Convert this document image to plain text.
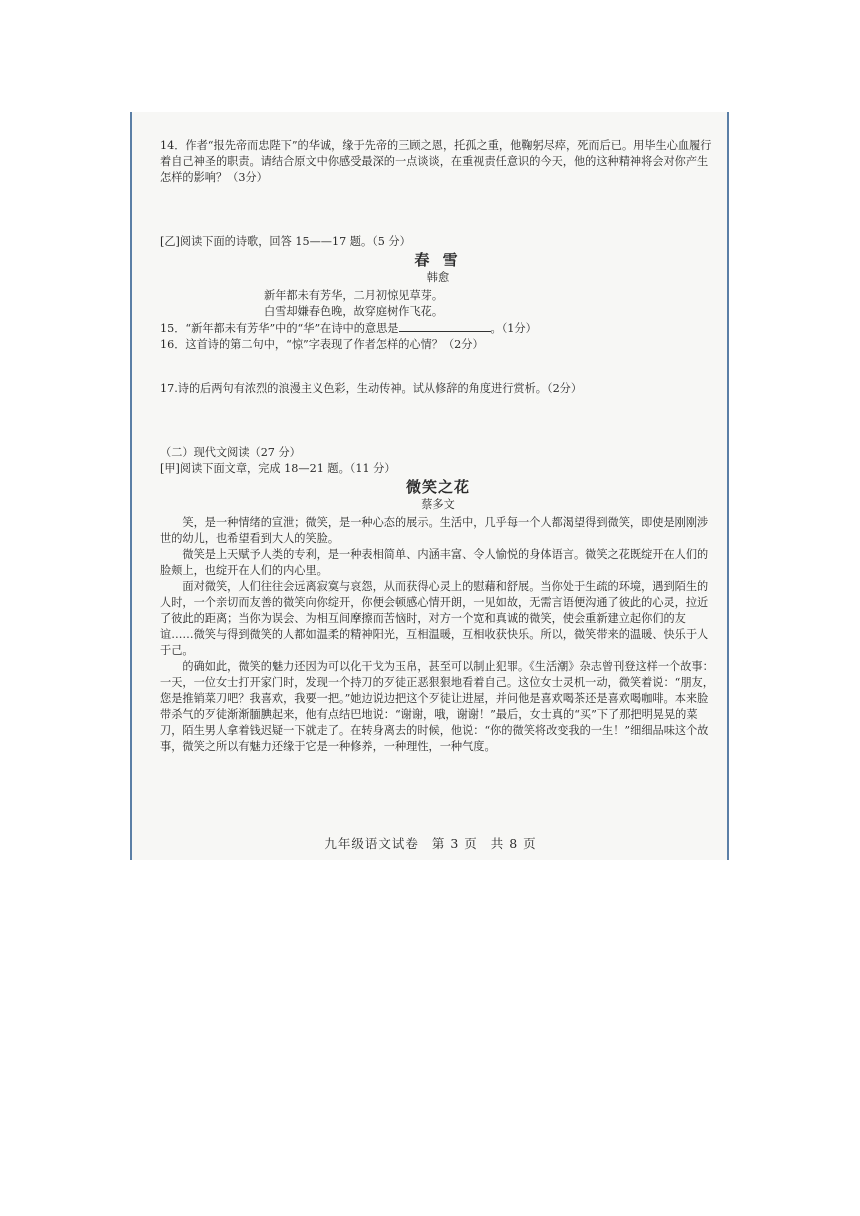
14．作者“报先帝而忠陛下”的华诚，缘于先帝的三顾之恩，托孤之重，他鞠躬尽瘁，死而后已。用毕生心血履行着自己神圣的职责。请结合原文中你感受最深的一点谈谈，在重视责任意识的今天，他的这种精神将会对你产生怎样的影响？（3分）

[乙]阅读下面的诗歌，回答 15——17 题。（5 分）

春 雪
韩愈

新年都未有芳华，二月初惊见草芽。

白雪却嫌春色晚，故穿庭树作飞花。

15．“新年都未有芳华”中的“华”在诗中的意思是	。（1分）

16．这首诗的第二句中，“惊”字表现了作者怎样的心情？（2分）

17.诗的后两句有浓烈的浪漫主义色彩，生动传神。试从修辞的角度进行赏析。（2分）

（二）现代文阅读（27 分）

[甲]阅读下面文章，完成 18—21 题。（11 分）

微笑之花
蔡多文

笑，是一种情绪的宣泄；微笑，是一种心态的展示。生活中，几乎每一个人都渴望得到微笑，即使是刚刚涉世的幼儿，也希望看到大人的笑脸。

微笑是上天赋予人类的专利，是一种表相简单、内涵丰富、令人愉悦的身体语言。微笑之花既绽开在人们的脸颊上，也绽开在人们的内心里。

面对微笑，人们往往会远离寂寞与哀怨，从而获得心灵上的慰藉和舒展。当你处于生疏的环境，遇到陌生的人时，一个亲切而友善的微笑向你绽开，你便会顿感心情开朗，一见如故，无需言语便沟通了彼此的心灵，拉近了彼此的距离；当你为误会、为相互间摩擦而苦恼时，对方一个宽和真诚的微笑，使会重新建立起你们的友谊……微笑与得到微笑的人都如温柔的精神阳光，互相温暖，互相收获快乐。所以，微笑带来的温暖、快乐于人于己。

的确如此，微笑的魅力还因为可以化干戈为玉帛，甚至可以制止犯罪。《生活潮》杂志曾刊登这样一个故事：一天，一位女士打开家门时，发现一个持刀的歹徒正恶狠狠地看着自己。这位女士灵机一动，微笑着说：“朋友，您是推销菜刀吧？我喜欢，我要一把。”她边说边把这个歹徒让进屋，并问他是喜欢喝茶还是喜欢喝咖啡。本来脸带杀气的歹徒渐渐腼腆起来，他有点结巴地说：“谢谢，哦，谢谢！”最后，女士真的“买”下了那把明晃晃的菜刀，陌生男人拿着钱迟疑一下就走了。在转身离去的时候，他说：“你的微笑将改变我的一生！”细细品味这个故事，微笑之所以有魅力还缘于它是一种修养，一种理性，一种气度。

九年级语文试卷 第 3 页 共 8 页
